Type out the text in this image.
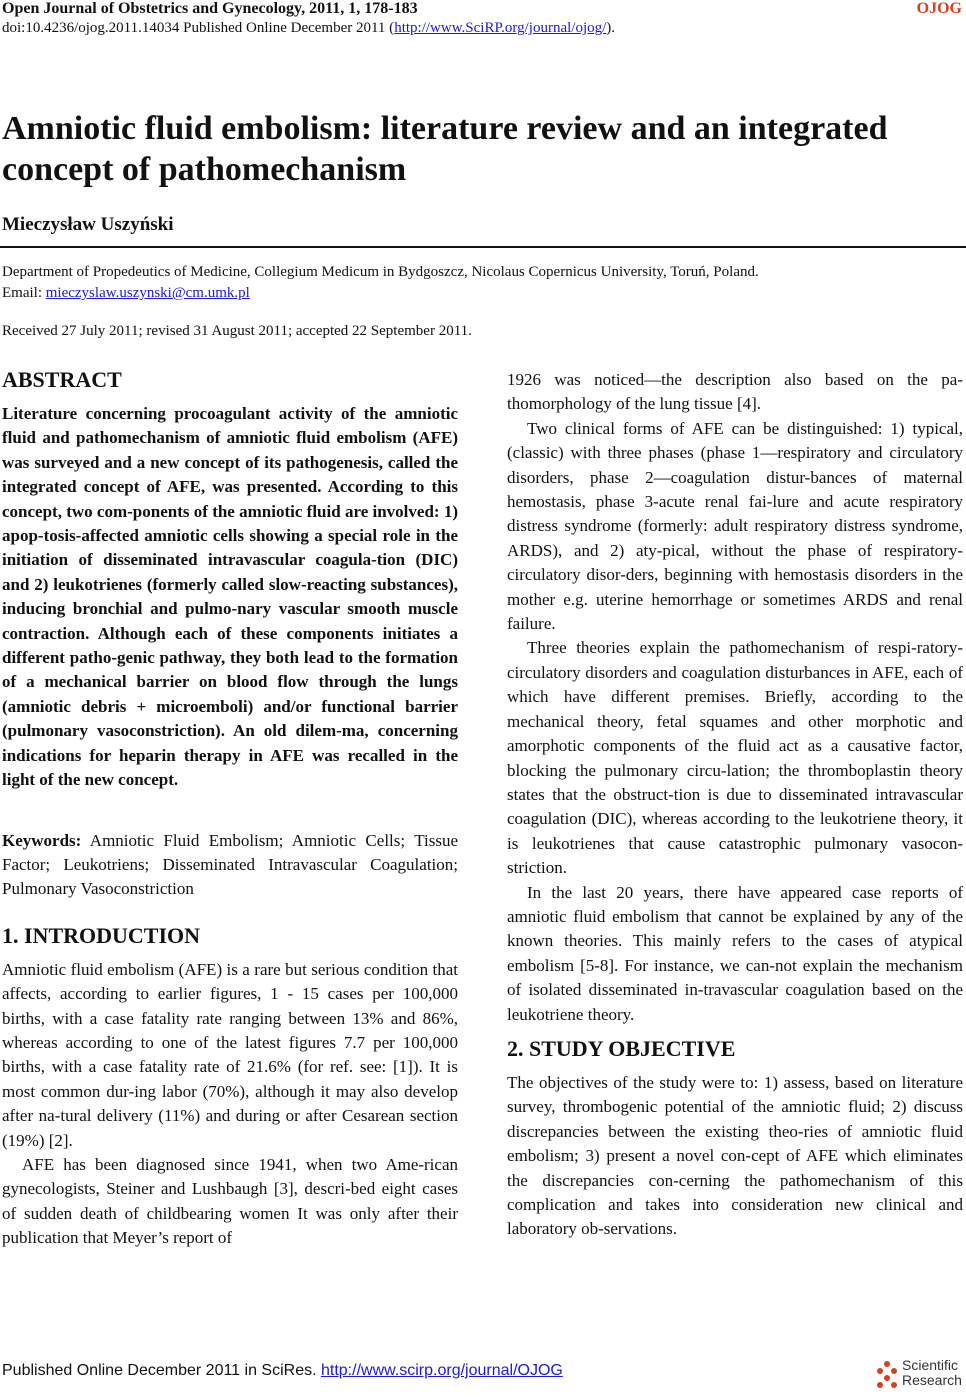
Open Journal of Obstetrics and Gynecology, 2011, 1, 178-183	OJOG
doi:10.4236/ojog.2011.14034 Published Online December 2011 (http://www.SciRP.org/journal/ojog/).
Amniotic fluid embolism: literature review and an integrated concept of pathomechanism
Mieczysław Uszyński
Department of Propedeutics of Medicine, Collegium Medicum in Bydgoszcz, Nicolaus Copernicus University, Toruń, Poland.
Email: mieczyslaw.uszynski@cm.umk.pl
Received 27 July 2011; revised 31 August 2011; accepted 22 September 2011.
ABSTRACT

Literature concerning procoagulant activity of the amniotic fluid and pathomechanism of amniotic fluid embolism (AFE) was surveyed and a new concept of its pathogenesis, called the integrated concept of AFE, was presented. According to this concept, two com-ponents of the amniotic fluid are involved: 1) apop-tosis-affected amniotic cells showing a special role in the initiation of disseminated intravascular coagula-tion (DIC) and 2) leukotrienes (formerly called slow-reacting substances), inducing bronchial and pulmo-nary vascular smooth muscle contraction. Although each of these components initiates a different patho-genic pathway, they both lead to the formation of a mechanical barrier on blood flow through the lungs (amniotic debris + microemboli) and/or functional barrier (pulmonary vasoconstriction). An old dilem-ma, concerning indications for heparin therapy in AFE was recalled in the light of the new concept.

Keywords: Amniotic Fluid Embolism; Amniotic Cells; Tissue Factor; Leukotriens; Disseminated Intravascular Coagulation; Pulmonary Vasoconstriction

1. INTRODUCTION

Amniotic fluid embolism (AFE) is a rare but serious condition that affects, according to earlier figures, 1 - 15 cases per 100,000 births, with a case fatality rate ranging between 13% and 86%, whereas according to one of the latest figures 7.7 per 100,000 births, with a case fatality rate of 21.6% (for ref. see: [1]). It is most common dur-ing labor (70%), although it may also develop after na-tural delivery (11%) and during or after Cesarean section (19%) [2].

AFE has been diagnosed since 1941, when two Ame-rican gynecologists, Steiner and Lushbaugh [3], descri-bed eight cases of sudden death of childbearing women It was only after their publication that Meyer’s report of

1926 was noticed—the description also based on the pa-thomorphology of the lung tissue [4].

Two clinical forms of AFE can be distinguished: 1) typical, (classic) with three phases (phase 1—respiratory and circulatory disorders, phase 2—coagulation distur-bances of maternal hemostasis, phase 3-acute renal fai-lure and acute respiratory distress syndrome (formerly: adult respiratory distress syndrome, ARDS), and 2) aty-pical, without the phase of respiratory-circulatory disor-ders, beginning with hemostasis disorders in the mother e.g. uterine hemorrhage or sometimes ARDS and renal failure.

Three theories explain the pathomechanism of respi-ratory-circulatory disorders and coagulation disturbances in AFE, each of which have different premises. Briefly, according to the mechanical theory, fetal squames and other morphotic and amorphotic components of the fluid act as a causative factor, blocking the pulmonary circu-lation; the thromboplastin theory states that the obstruct-tion is due to disseminated intravascular coagulation (DIC), whereas according to the leukotriene theory, it is leukotrienes that cause catastrophic pulmonary vasocon-striction.

In the last 20 years, there have appeared case reports of amniotic fluid embolism that cannot be explained by any of the known theories. This mainly refers to the cases of atypical embolism [5-8]. For instance, we can-not explain the mechanism of isolated disseminated in-travascular coagulation based on the leukotriene theory.

2. STUDY OBJECTIVE

The objectives of the study were to: 1) assess, based on literature survey, thrombogenic potential of the amniotic fluid; 2) discuss discrepancies between the existing theo-ries of amniotic fluid embolism; 3) present a novel con-cept of AFE which eliminates the discrepancies con-cerning the pathomechanism of this complication and takes into consideration new clinical and laboratory ob-servations.

Published Online December 2011 in SciRes. http://www.scirp.org/journal/OJOG	Scientific
Research
